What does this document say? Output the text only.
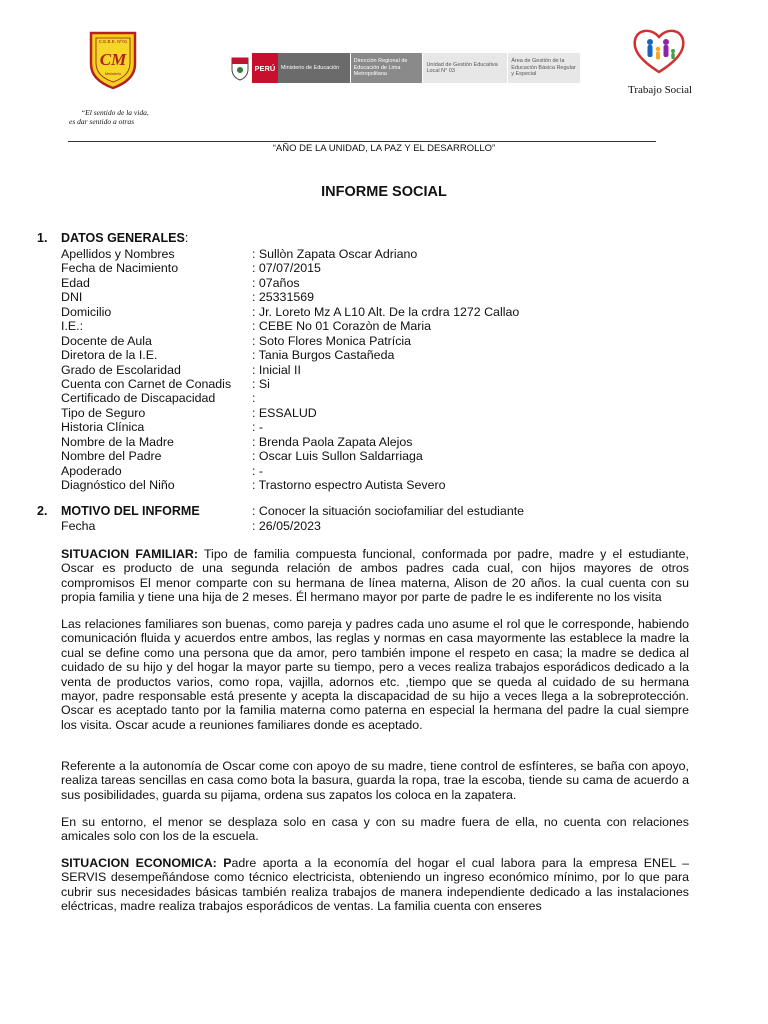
C.E.B.E. Nº01
CM
Ministerio
“El sentido de la vida,
es dar sentido a otras
PERÚ	Ministerio de Educación
Dirección Regional de Educación de Lima Metropolitana
Unidad de Gestión Educativa Local N° 03
Área de Gestión de la Educación Básica Regular y Especial
Trabajo Social
“AÑO DE LA UNIDAD, LA PAZ Y EL DESARROLLO”
INFORME SOCIAL
1. DATOS GENERALES:
Apellidos y Nombres	: Sullòn Zapata Oscar Adriano
Fecha de Nacimiento	: 07/07/2015
Edad	: 07años
DNI	: 25331569
Domicilio	: Jr. Loreto Mz A L10 Alt. De la crdra 1272 Callao
I.E.:	: CEBE No 01 Corazòn de Maria
Docente de Aula	: Soto Flores Monica Patrícia
Diretora de la I.E.	: Tania Burgos Castañeda
Grado de Escolaridad	: Inicial II
Cuenta con Carnet de Conadis	: Si
Certificado de Discapacidad	:
Tipo de Seguro	: ESSALUD
Historia Clínica	: -
Nombre de la Madre	: Brenda Paola Zapata Alejos
Nombre del Padre	: Oscar Luis Sullon Saldarriaga
Apoderado	: -
Diagnóstico del Niño	: Trastorno espectro Autista Severo
2. MOTIVO DEL INFORME	: Conocer la situación sociofamiliar del estudiante
Fecha	: 26/05/2023
SITUACION FAMILIAR: Tipo de familia compuesta funcional, conformada por padre, madre y el estudiante, Oscar es producto de una segunda relación de ambos padres cada cual, con hijos mayores de otros compromisos El menor comparte con su hermana de línea materna, Alison de 20 años. la cual cuenta con su propia familia y tiene una hija de 2 meses. Él hermano mayor por parte de padre le es indiferente no los visita
Las relaciones familiares son buenas, como pareja y padres cada uno asume el rol que le corresponde, habiendo comunicación fluida y acuerdos entre ambos, las reglas y normas en casa mayormente las establece la madre la cual se define como una persona que da amor, pero también impone el respeto en casa; la madre se dedica al cuidado de su hijo y del hogar la mayor parte su tiempo, pero a veces realiza trabajos esporádicos dedicado a la venta de productos varios, como ropa, vajilla, adornos etc. ,tiempo que se queda al cuidado de su hermana mayor, padre responsable está presente y acepta la discapacidad de su hijo a veces llega a la sobreprotección. Oscar es aceptado tanto por la familia materna como paterna en especial la hermana del padre la cual siempre los visita. Oscar acude a reuniones familiares donde es aceptado.
Referente a la autonomía de Oscar come con apoyo de su madre, tiene control de esfínteres, se baña con apoyo, realiza tareas sencillas en casa como bota la basura, guarda la ropa, trae la escoba, tiende su cama de acuerdo a sus posibilidades, guarda su pijama, ordena sus zapatos los coloca en la zapatera.
En su entorno, el menor se desplaza solo en casa y con su madre fuera de ella, no cuenta con relaciones amicales solo con los de la escuela.
SITUACION ECONOMICA: Padre aporta a la economía del hogar el cual labora para la empresa ENEL – SERVIS desempeñándose como técnico electricista, obteniendo un ingreso económico mínimo, por lo que para cubrir sus necesidades básicas también realiza trabajos de manera independiente dedicado a las instalaciones eléctricas, madre realiza trabajos esporádicos de ventas. La familia cuenta con enseres
